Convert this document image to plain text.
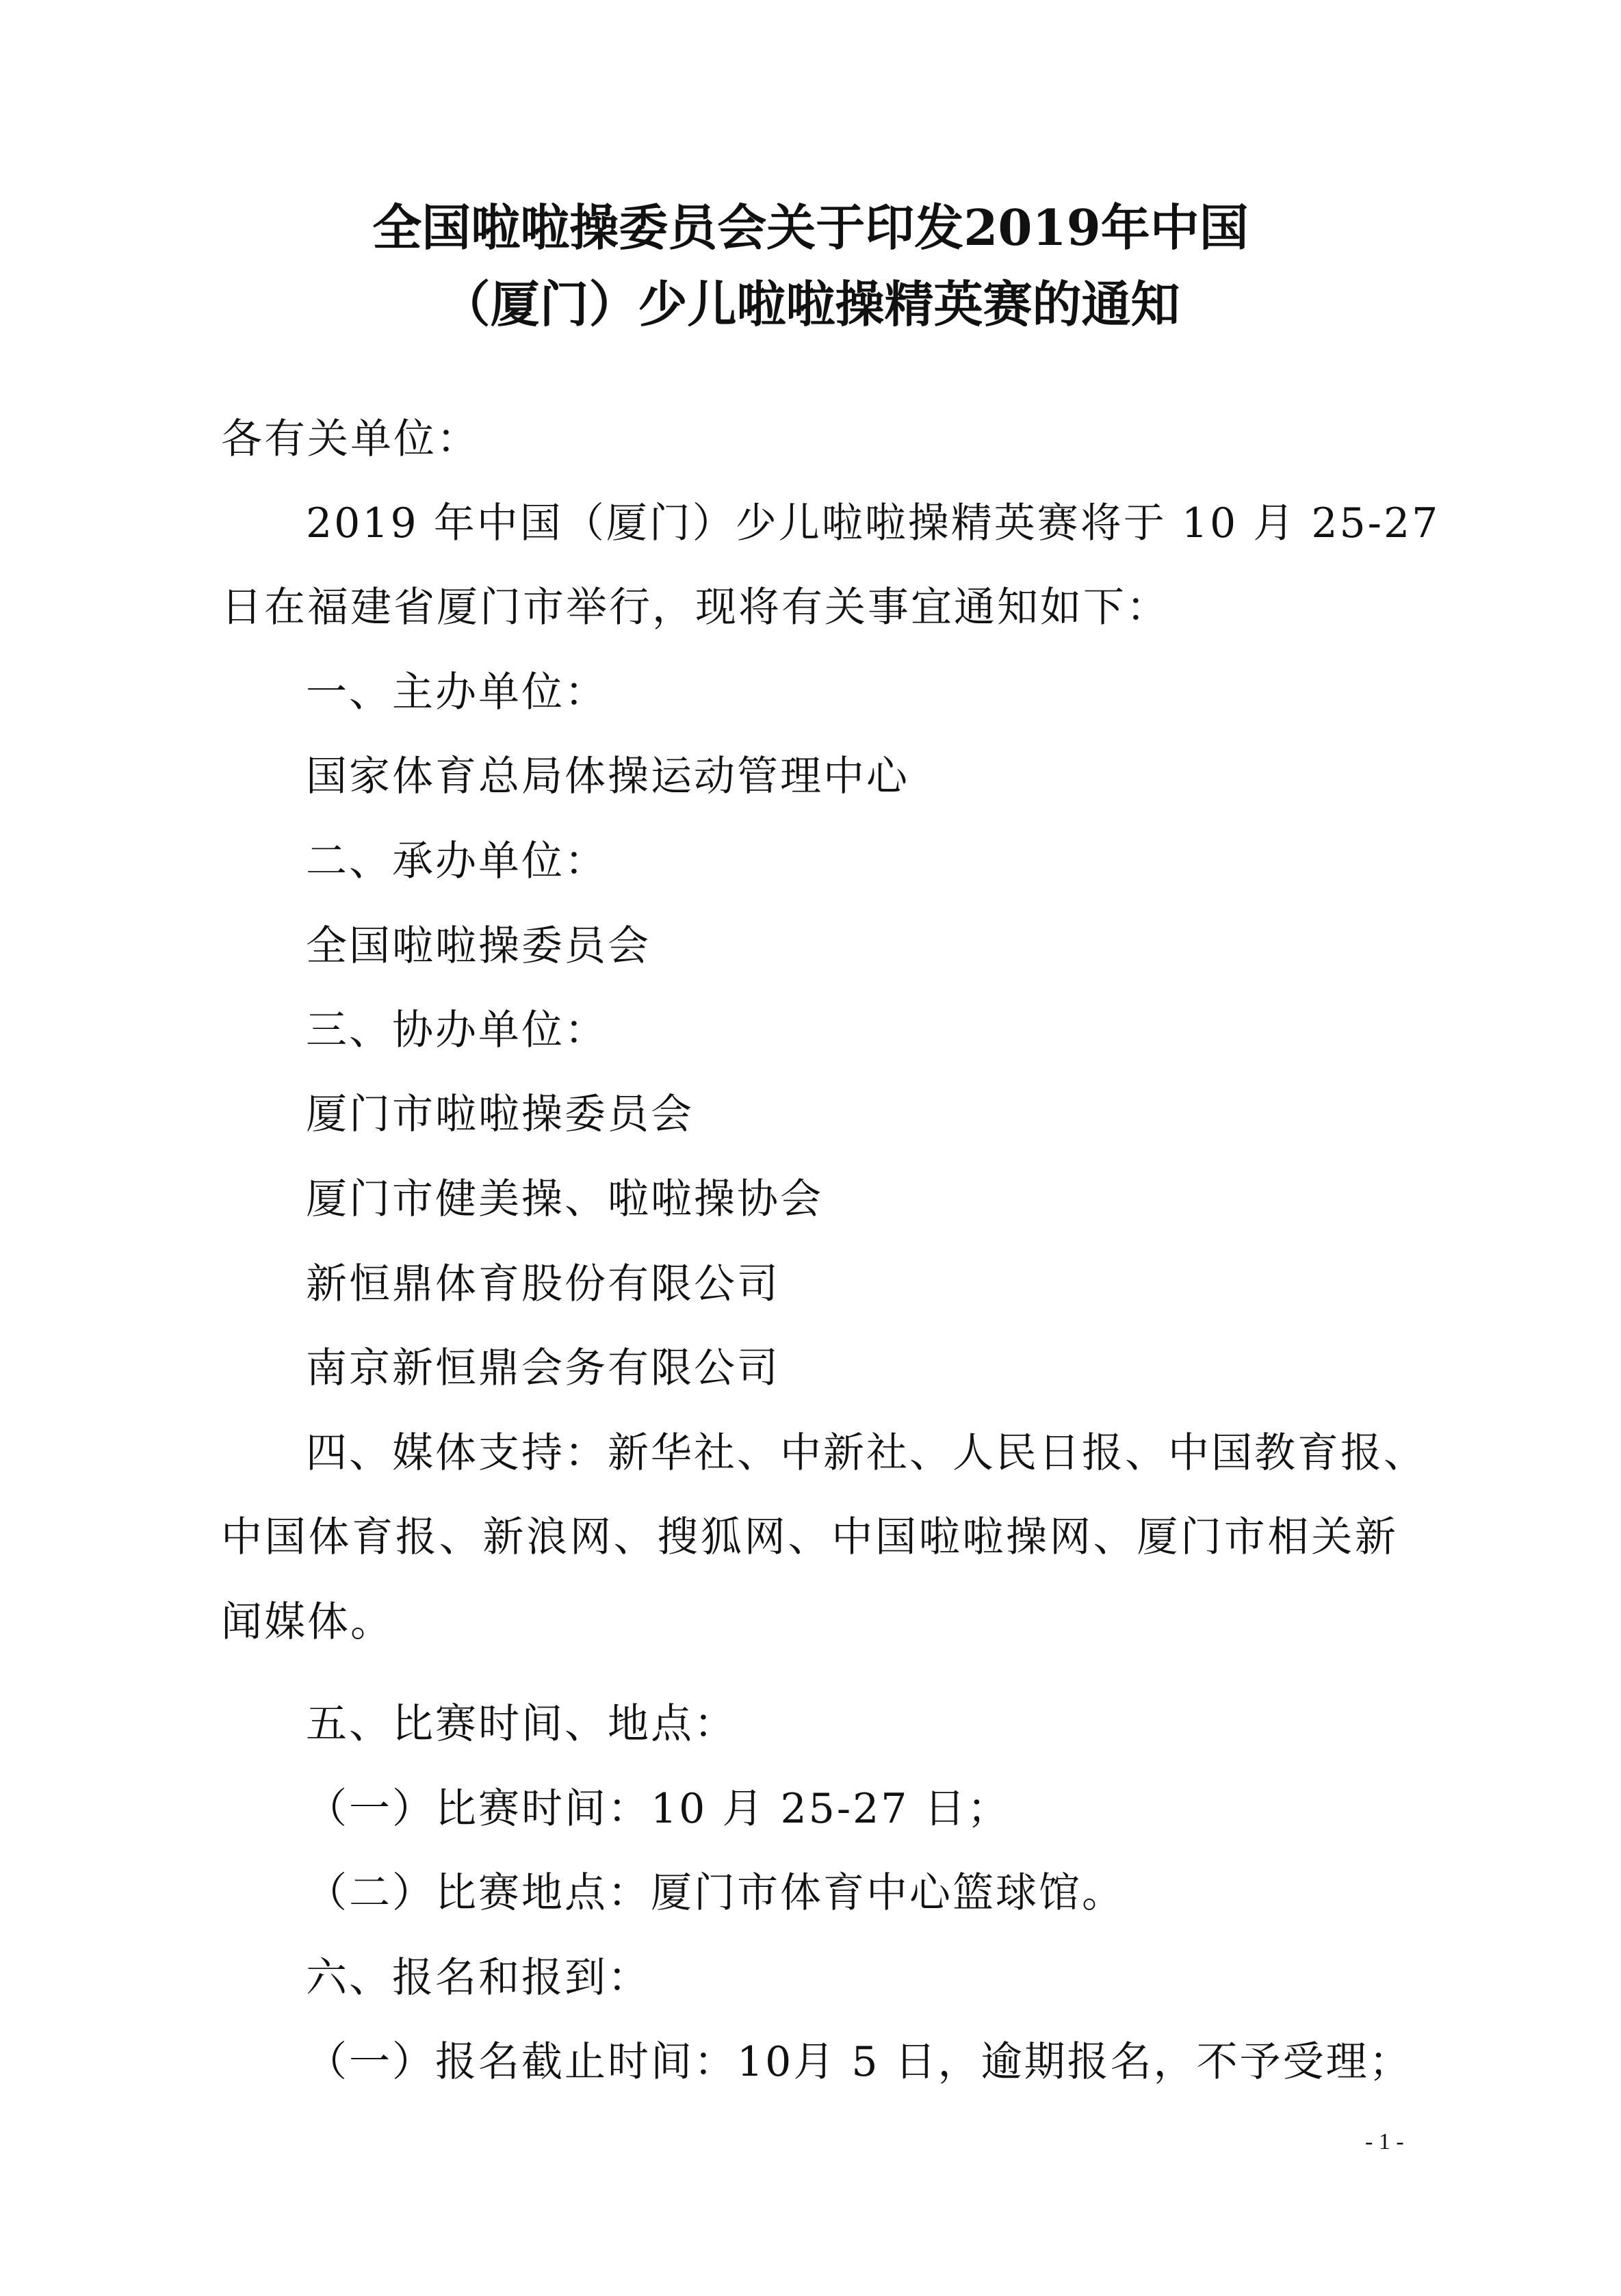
全国啦啦操委员会关于印发2019年中国
（厦门）少儿啦啦操精英赛的通知

各有关单位：

2019 年中国（厦门）少儿啦啦操精英赛将于 10 月 25-27

日在福建省厦门市举行，现将有关事宜通知如下：

一、主办单位：

国家体育总局体操运动管理中心

二、承办单位：

全国啦啦操委员会

三、协办单位：

厦门市啦啦操委员会

厦门市健美操、啦啦操协会

新恒鼎体育股份有限公司

南京新恒鼎会务有限公司

四、媒体支持：新华社、中新社、人民日报、中国教育报、

中国体育报、新浪网、搜狐网、中国啦啦操网、厦门市相关新

闻媒体。

五、比赛时间、地点：

（一）比赛时间：10 月 25-27 日；

（二）比赛地点：厦门市体育中心篮球馆。

六、报名和报到：

（一）报名截止时间：10月 5 日，逾期报名，不予受理；

- 1 -
